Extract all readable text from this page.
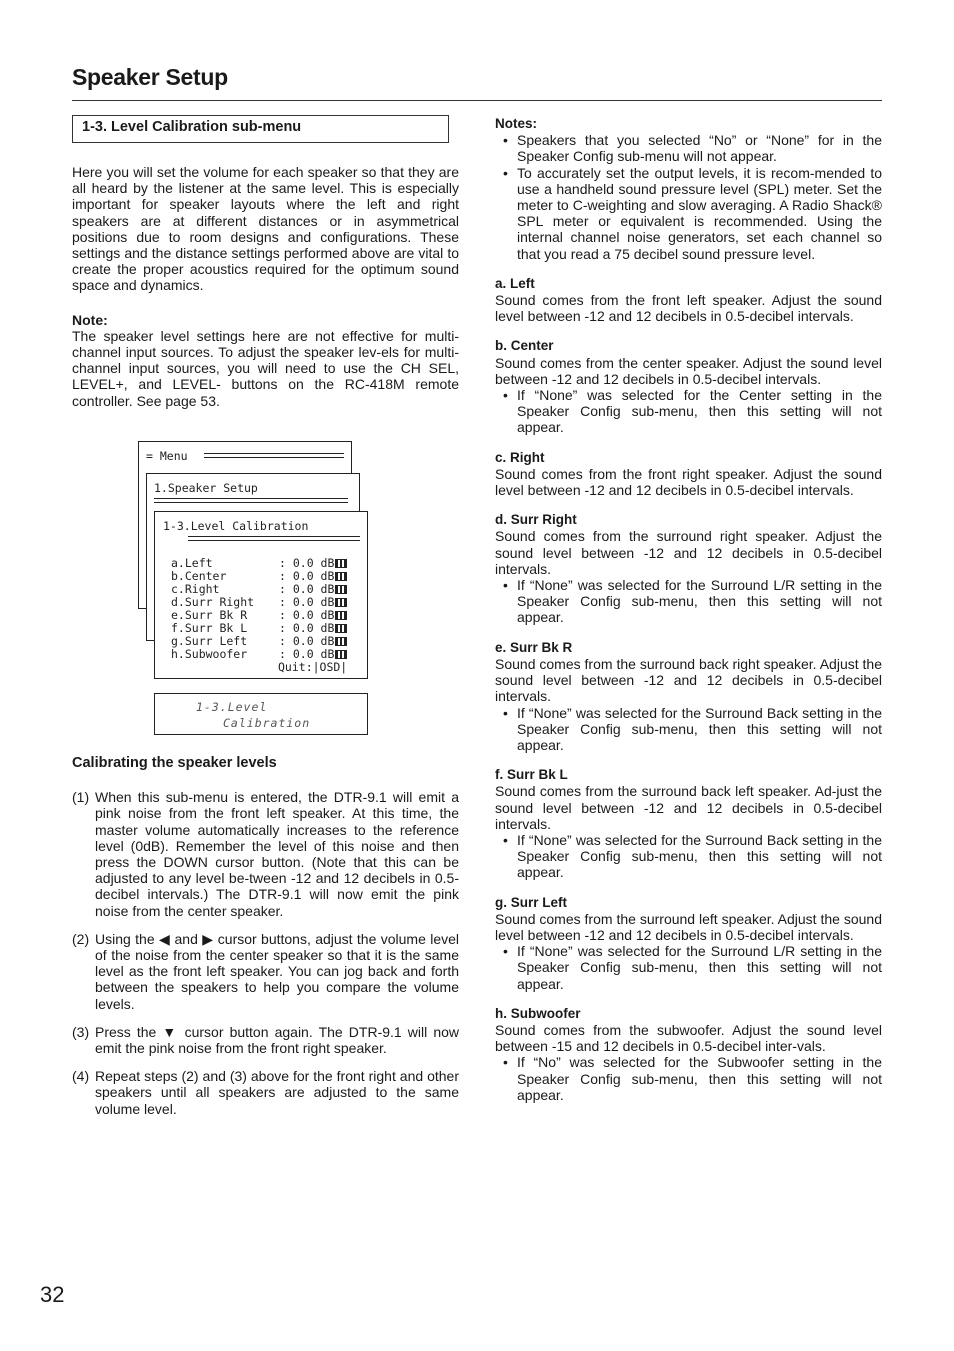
Speaker Setup
1-3. Level Calibration sub-menu

Here you will set the volume for each speaker so that they are all heard by the listener at the same level. This is especially important for speaker layouts where the left and right speakers are at different distances or in asymmetrical positions due to room designs and configurations. These settings and the distance settings performed above are vital to create the proper acoustics required for the optimum sound space and dynamics.

Note:

The speaker level settings here are not effective for multi-channel input sources. To adjust the speaker lev-els for multi-channel input sources, you will need to use the CH SEL, LEVEL+, and LEVEL- buttons on the RC-418M remote controller. See page 53.

= Menu
1.Speaker Setup
1-3.Level Calibration
a.Left	: 0.0 dB
b.Center	: 0.0 dB
c.Right	: 0.0 dB
d.Surr Right : 0.0 dB
e.Surr Bk R	: 0.0 dB
f.Surr Bk L	: 0.0 dB
g.Surr Left	: 0.0 dB
h.Subwoofer	: 0.0 dB
Quit:|OSD|
1-3.Level
Calibration
Calibrating the speaker levels
(1) When this sub-menu is entered, the DTR-9.1 will emit a pink noise from the front left speaker. At this time, the master volume automatically increases to the reference level (0dB). Remember the level of this noise and then press the DOWN cursor button. (Note that this can be adjusted to any level be-tween -12 and 12 decibels in 0.5-decibel intervals.) The DTR-9.1 will now emit the pink noise from the center speaker.
(2) Using the ◀ and ▶ cursor buttons, adjust the volume level of the noise from the center speaker so that it is the same level as the front left speaker. You can jog back and forth between the speakers to help you compare the volume levels.
(3) Press the ▼ cursor button again. The DTR-9.1 will now emit the pink noise from the front right speaker.
(4) Repeat steps (2) and (3) above for the front right and other speakers until all speakers are adjusted to the same volume level.
Notes:
• Speakers that you selected “No” or “None” for in the Speaker Config sub-menu will not appear.
• To accurately set the output levels, it is recom-mended to use a handheld sound pressure level (SPL) meter. Set the meter to C-weighting and slow averaging. A Radio Shack® SPL meter or equivalent is recommended. Using the internal channel noise generators, set each channel so that you read a 75 decibel sound pressure level.
a. Left

Sound comes from the front left speaker. Adjust the sound level between -12 and 12 decibels in 0.5-decibel intervals.

b. Center

Sound comes from the center speaker. Adjust the sound level between -12 and 12 decibels in 0.5-decibel intervals.

• If “None” was selected for the Center setting in the Speaker Config sub-menu, then this setting will not appear.
c. Right

Sound comes from the front right speaker. Adjust the sound level between -12 and 12 decibels in 0.5-decibel intervals.

d. Surr Right

Sound comes from the surround right speaker. Adjust the sound level between -12 and 12 decibels in 0.5-decibel intervals.

• If “None” was selected for the Surround L/R setting in the Speaker Config sub-menu, then this setting will not appear.
e. Surr Bk R

Sound comes from the surround back right speaker. Adjust the sound level between -12 and 12 decibels in 0.5-decibel intervals.

• If “None” was selected for the Surround Back setting in the Speaker Config sub-menu, then this setting will not appear.
f. Surr Bk L

Sound comes from the surround back left speaker. Ad-just the sound level between -12 and 12 decibels in 0.5-decibel intervals.

• If “None” was selected for the Surround Back setting in the Speaker Config sub-menu, then this setting will not appear.
g. Surr Left

Sound comes from the surround left speaker. Adjust the sound level between -12 and 12 decibels in 0.5-decibel intervals.

• If “None” was selected for the Surround L/R setting in the Speaker Config sub-menu, then this setting will not appear.
h. Subwoofer

Sound comes from the subwoofer. Adjust the sound level between -15 and 12 decibels in 0.5-decibel inter-vals.

• If “No” was selected for the Subwoofer setting in the Speaker Config sub-menu, then this setting will not appear.
32
